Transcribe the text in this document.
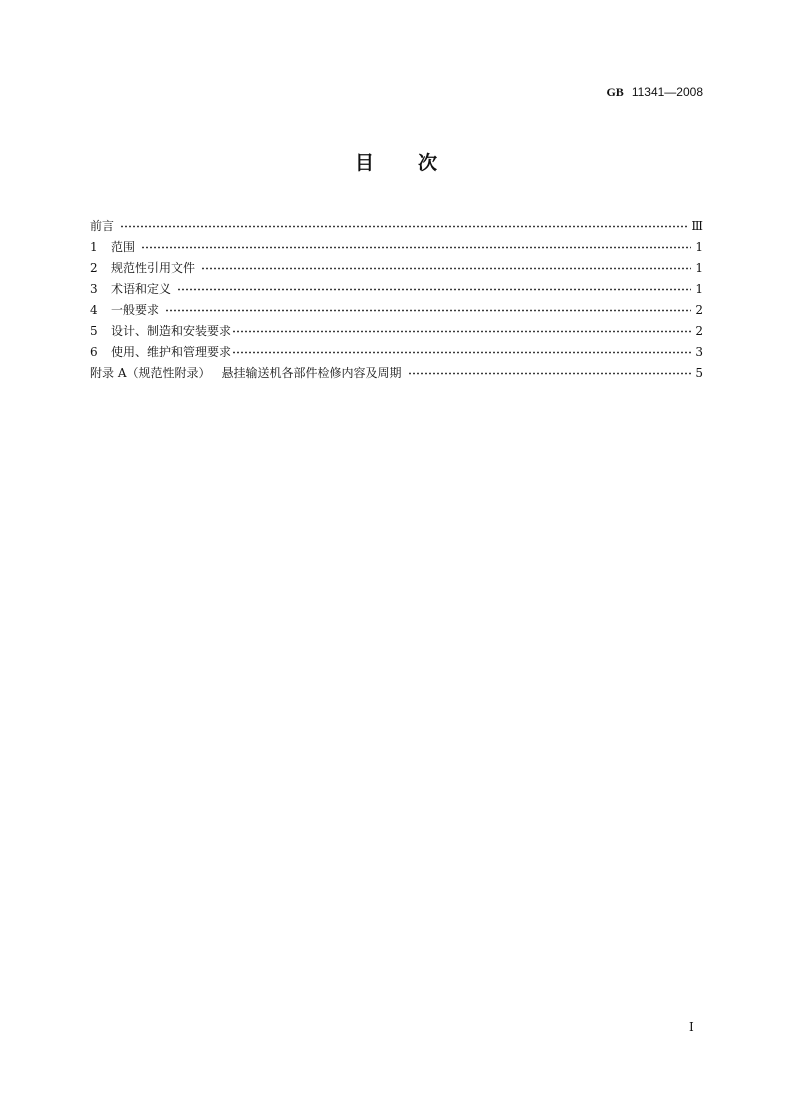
GB 11341—2008
目 次
前言	Ⅲ
1	范围	1
2	规范性引用文件	1
3	术语和定义	1
4	一般要求	2
5	设计、制造和安装要求	2
6	使用、维护和管理要求	3
附录 A（规范性附录） 悬挂输送机各部件检修内容及周期	5
I
